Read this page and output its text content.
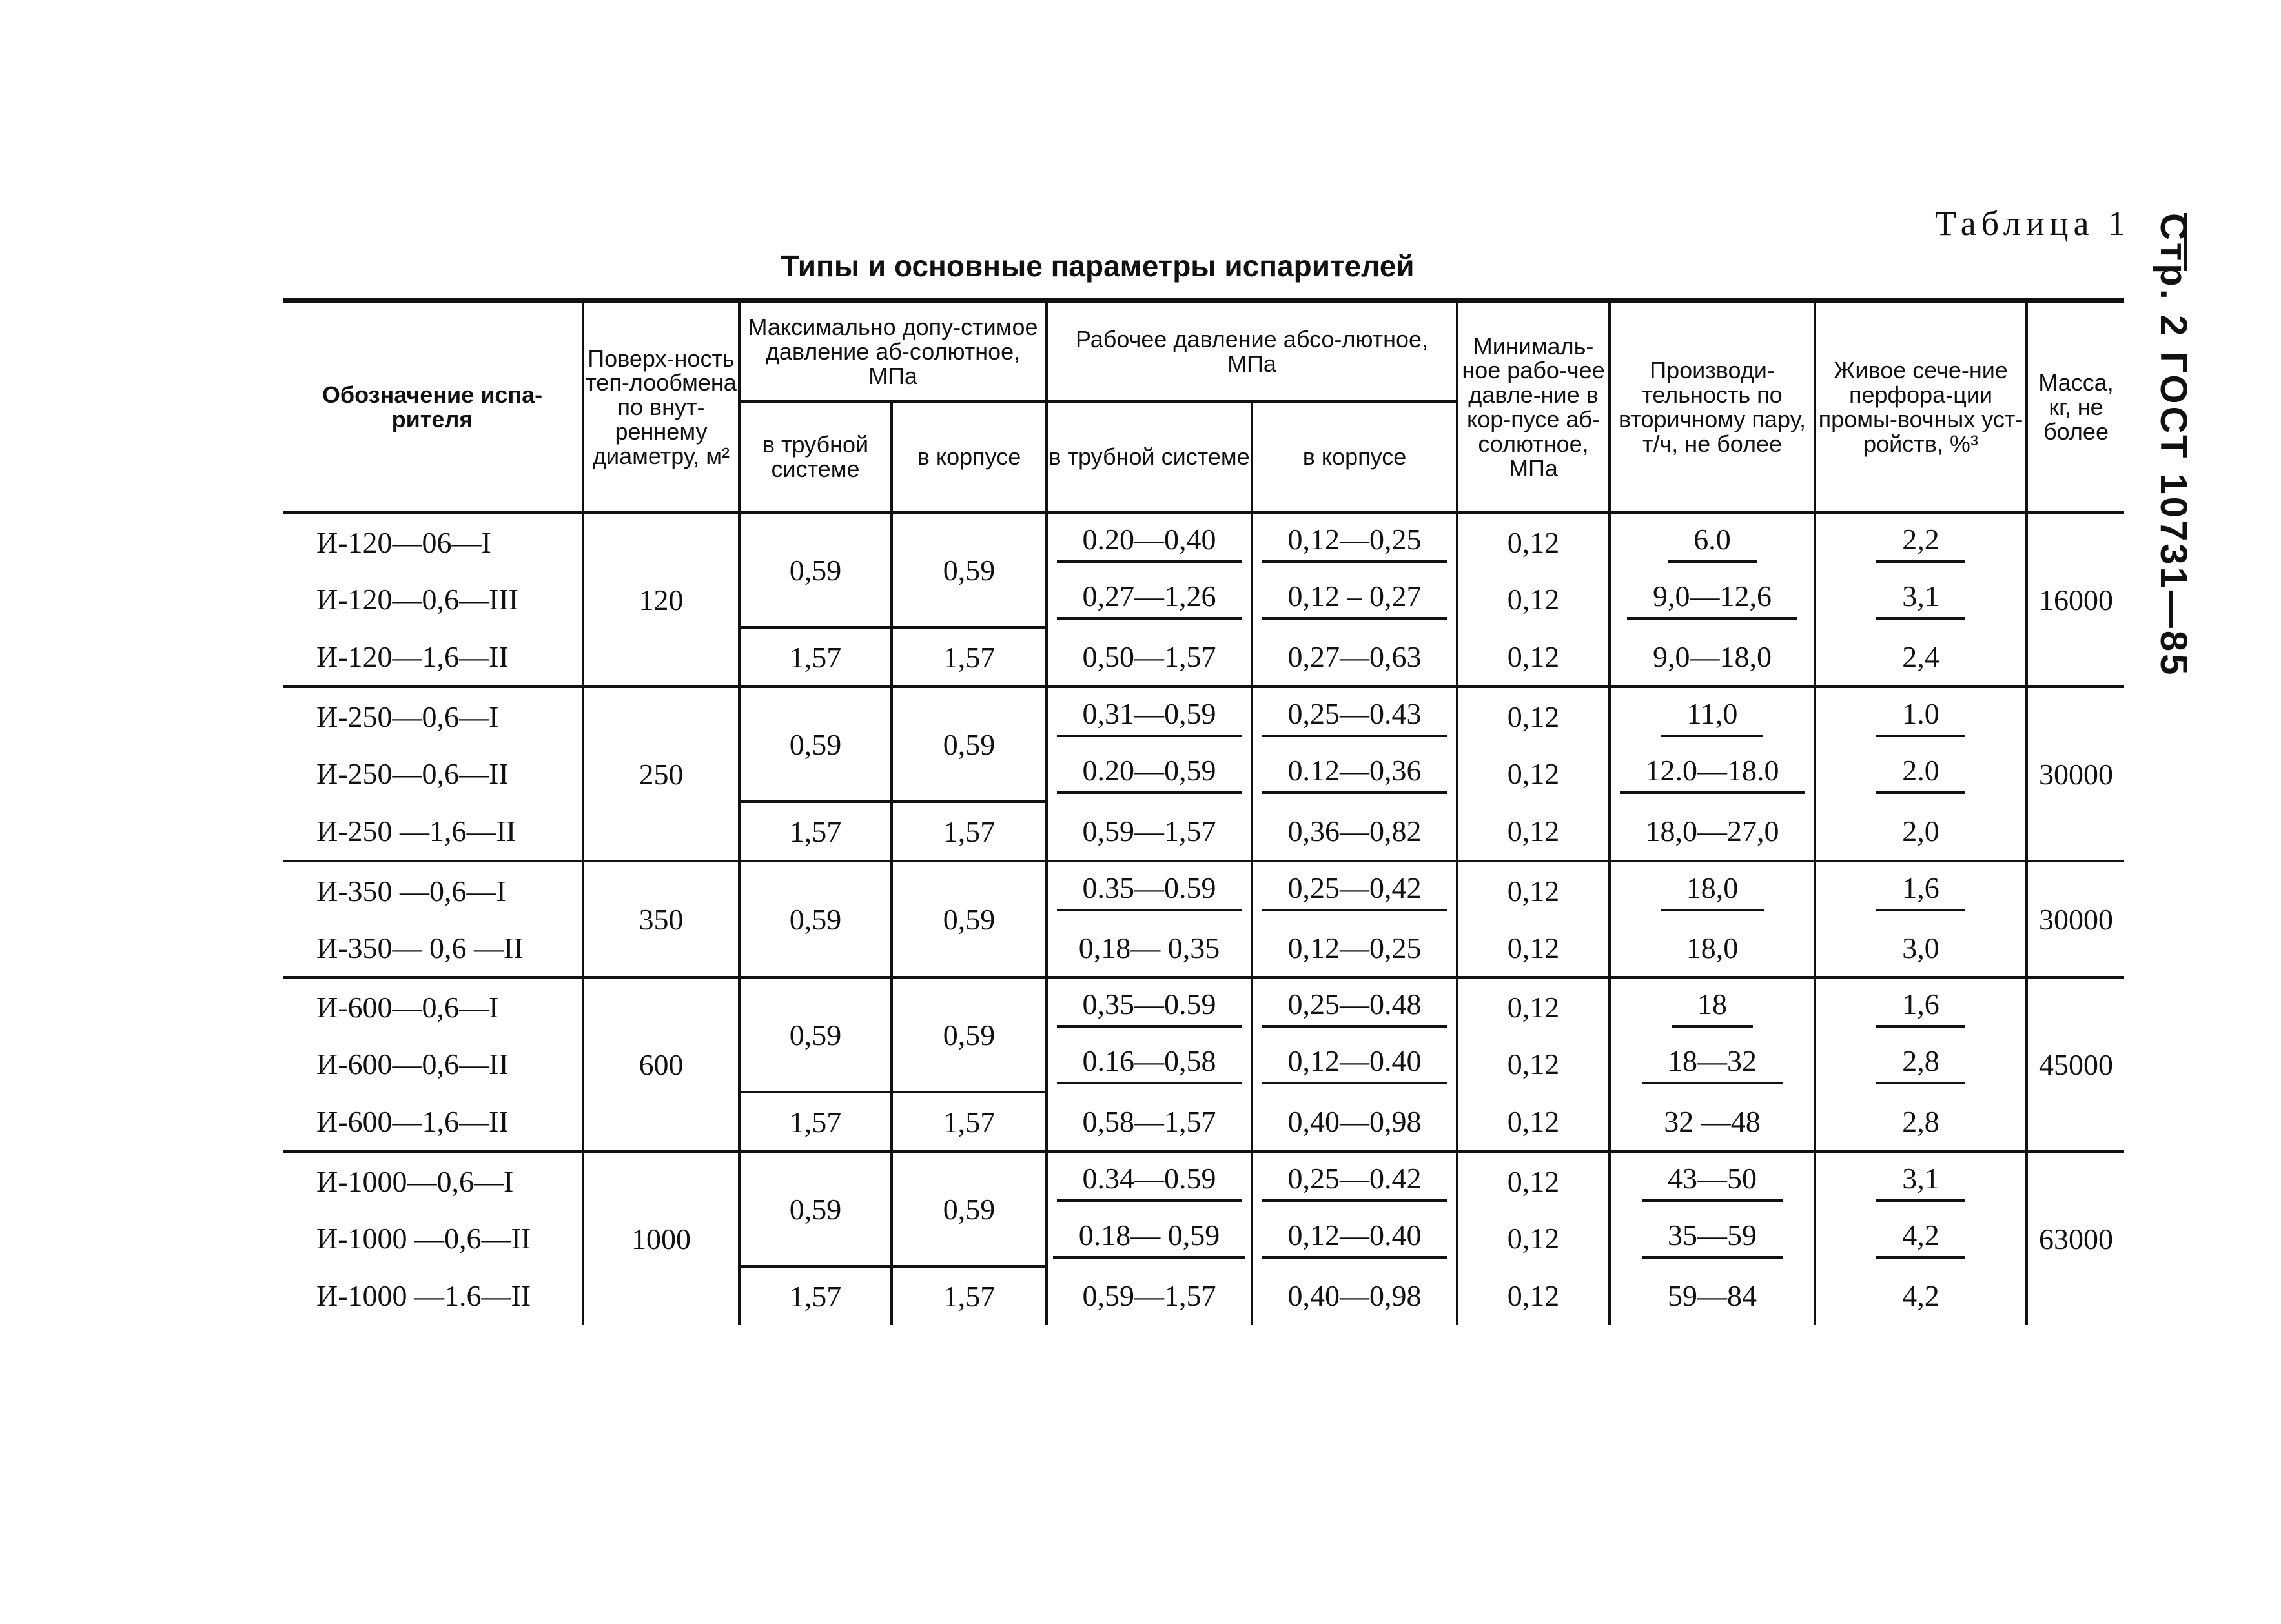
Таблица 1 Стр. 2 ГОСТ 10731—85
Типы и основные параметры испарителей
Обозначение испа-рителя	Поверх-ность теп-лообмена по внут-реннему диаметру, м²	Максимально допу-стимое давление аб-солютное, МПа		Рабочее давление абсо-лютное, МПа		Минималь-ное рабо-чее давле-ние в кор-пусе аб-солютное, МПа	Производи-тельность по вторичному пару, т/ч, не более	Живое сече-ние перфора-ции промы-вочных уст-ройств, %³	Масса, кг, не более
		в трубной системе	в корпусе	в трубной системе	в корпусе				
И-120—06—I	120	0,59	0,59	0.20—0,40	0,12—0,25	0,12	6.0	2,2	16000
И-120—0,6—III				0,27—1,26	0,12 – 0,27	0,12	9,0—12,6	3,1	
И-120—1,6—II		1,57	1,57	0,50—1,57	0,27—0,63	0,12	9,0—18,0	2,4	
И-250—0,6—I	250	0,59	0,59	0,31—0,59	0,25—0.43	0,12	11,0	1.0	30000
И-250—0,6—II				0.20—0,59	0.12—0,36	0,12	12.0—18.0	2.0	
И-250 —1,6—II		1,57	1,57	0,59—1,57	0,36—0,82	0,12	18,0—27,0	2,0	
И-350 —0,6—I	350	0,59	0,59	0.35—0.59	0,25—0,42	0,12	18,0	1,6	30000
И-350— 0,6 —II				0,18— 0,35	0,12—0,25	0,12	18,0	3,0	
И-600—0,6—I	600	0,59	0,59	0,35—0.59	0,25—0.48	0,12	18	1,6	45000
И-600—0,6—II				0.16—0,58	0,12—0.40	0,12	18—32	2,8	
И-600—1,6—II		1,57	1,57	0,58—1,57	0,40—0,98	0,12	32 —48	2,8	
И-1000—0,6—I	1000	0,59	0,59	0.34—0.59	0,25—0.42	0,12	43—50	3,1	63000
И-1000 —0,6—II				0.18— 0,59	0,12—0.40	0,12	35—59	4,2	
И-1000 —1.6—II		1,57	1,57	0,59—1,57	0,40—0,98	0,12	59—84	4,2	
